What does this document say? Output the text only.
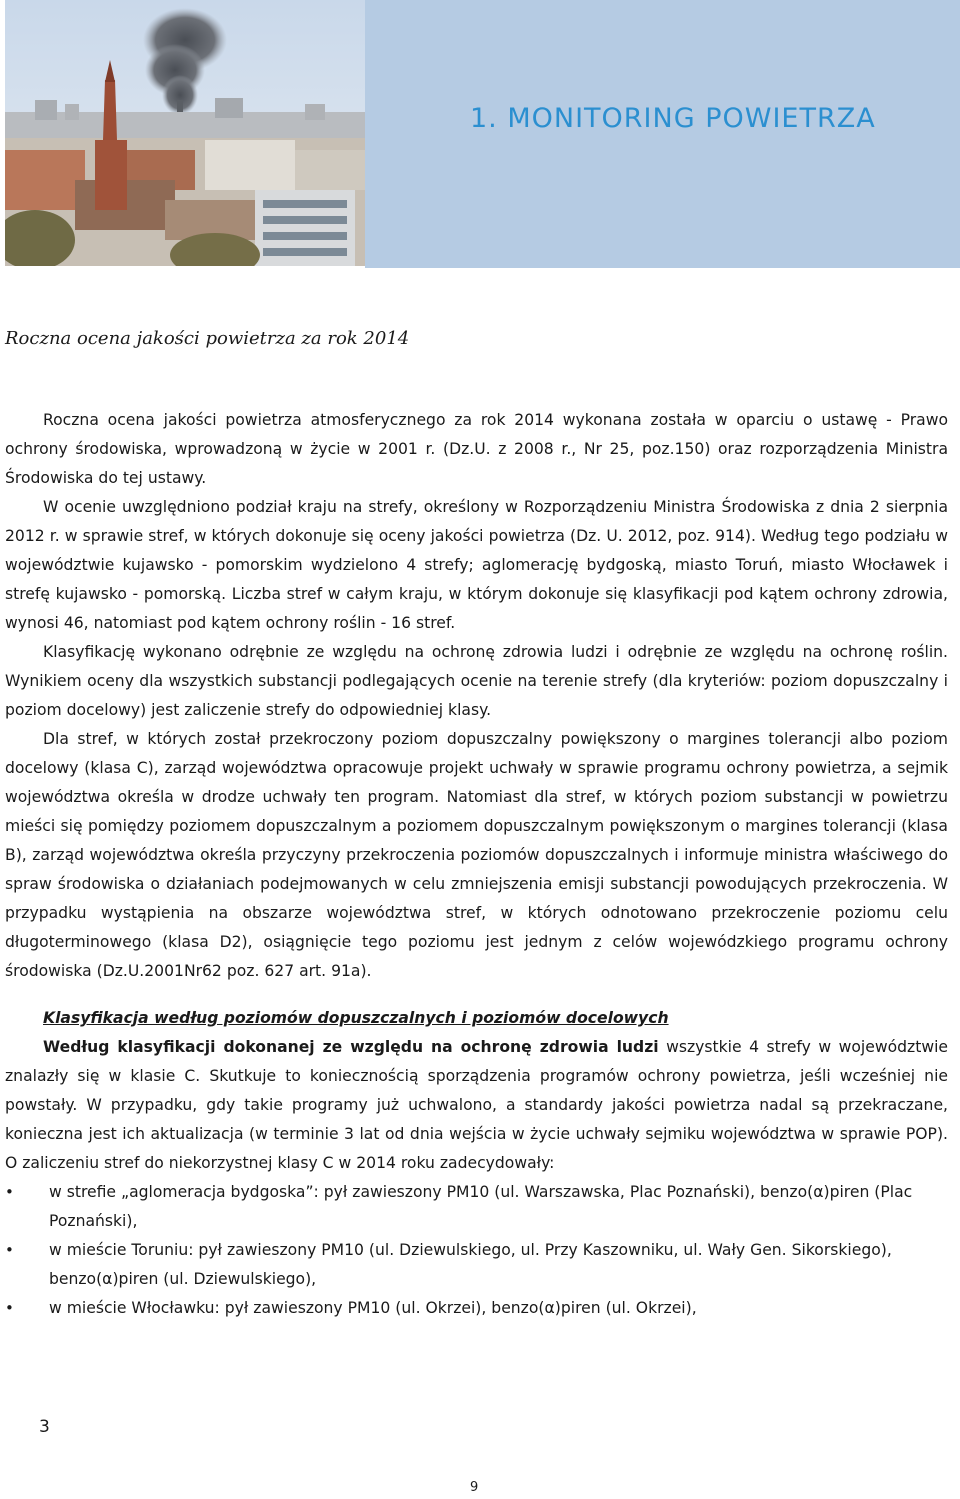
1. MONITORING POWIETRZA
Roczna ocena jakości powietrza za rok 2014

Roczna ocena jakości powietrza atmosferycznego za rok 2014 wykonana została w oparciu o ustawę - Prawo ochrony środowiska, wprowadzoną w życie w 2001 r. (Dz.U. z 2008 r., Nr 25, poz.150) oraz rozporządzenia Ministra Środowiska do tej ustawy.

W ocenie uwzględniono podział kraju na strefy, określony w Rozporządzeniu Ministra Środowiska z dnia 2 sierpnia 2012 r. w sprawie stref, w których dokonuje się oceny jakości powietrza (Dz. U. 2012, poz. 914). Według tego podziału w województwie kujawsko - pomorskim wydzielono 4 strefy; aglomerację bydgoską, miasto Toruń, miasto Włocławek i strefę kujawsko - pomorską. Liczba stref w całym kraju, w którym dokonuje się klasyfikacji pod kątem ochrony zdrowia, wynosi 46, natomiast pod kątem ochrony roślin - 16 stref.

Klasyfikację wykonano odrębnie ze względu na ochronę zdrowia ludzi i odrębnie ze względu na ochronę roślin. Wynikiem oceny dla wszystkich substancji podlegających ocenie na terenie strefy (dla kryteriów: poziom dopuszczalny i poziom docelowy) jest zaliczenie strefy do odpowiedniej klasy.

Dla stref, w których został przekroczony poziom dopuszczalny powiększony o margines tolerancji albo poziom docelowy (klasa C), zarząd województwa opracowuje projekt uchwały w sprawie programu ochrony powietrza, a sejmik województwa określa w drodze uchwały ten program. Natomiast dla stref, w których poziom substancji w powietrzu mieści się pomiędzy poziomem dopuszczalnym a poziomem dopuszczalnym powiększonym o margines tolerancji (klasa B), zarząd województwa określa przyczyny przekroczenia poziomów dopuszczalnych i informuje ministra właściwego do spraw środowiska o działaniach podejmowanych w celu zmniejszenia emisji substancji powodujących przekroczenia. W przypadku wystąpienia na obszarze województwa stref, w których odnotowano przekroczenie poziomu celu długoterminowego (klasa D2), osiągnięcie tego poziomu jest jednym z celów wojewódzkiego programu ochrony środowiska (Dz.U.2001Nr62 poz. 627 art. 91a).

Klasyfikacja według poziomów dopuszczalnych i poziomów docelowych

Według klasyfikacji dokonanej ze względu na ochronę zdrowia ludzi wszystkie 4 strefy w województwie znalazły się w klasie C. Skutkuje to koniecznością sporządzenia programów ochrony powietrza, jeśli wcześniej nie powstały. W przypadku, gdy takie programy już uchwalono, a standardy jakości powietrza nadal są przekraczane, konieczna jest ich aktualizacja (w terminie 3 lat od dnia wejścia w życie uchwały sejmiku województwa w sprawie POP). O zaliczeniu stref do niekorzystnej klasy C w 2014 roku zadecydowały:

• w strefie „aglomeracja bydgoska”: pył zawieszony PM10 (ul. Warszawska, Plac Poznański), benzo(α)piren (Plac Poznański),
• w mieście Toruniu: pył zawieszony PM10 (ul. Dziewulskiego, ul. Przy Kaszowniku, ul. Wały Gen. Sikorskiego), benzo(α)piren (ul. Dziewulskiego),
• w mieście Włocławku: pył zawieszony PM10 (ul. Okrzei), benzo(α)piren (ul. Okrzei),

3

9
